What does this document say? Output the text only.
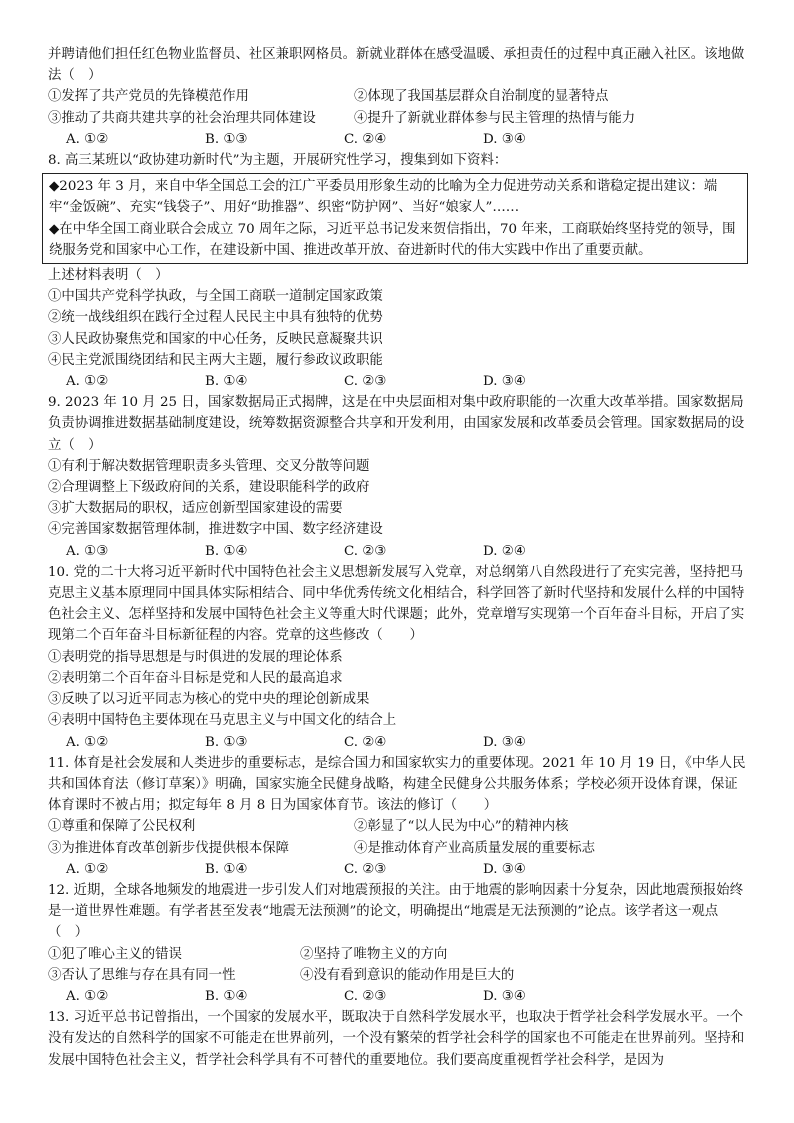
并聘请他们担任红色物业监督员、社区兼职网格员。新就业群体在感受温暖、承担责任的过程中真正融入社区。该地做法（　）

①发挥了共产党员的先锋模范作用	②体现了我国基层群众自治制度的显著特点
③推动了共商共建共享的社会治理共同体建设	④提升了新就业群体参与民主管理的热情与能力
A. ①②	B. ①③	C. ②④	D. ③④

8. 高三某班以“政协建功新时代”为主题，开展研究性学习，搜集到如下资料：

◆2023 年 3 月，来自中华全国总工会的江广平委员用形象生动的比喻为全力促进劳动关系和谐稳定提出建议：端牢“金饭碗”、充实“钱袋子”、用好“助推器”、织密“防护网”、当好“娘家人”……

◆在中华全国工商业联合会成立 70 周年之际，习近平总书记发来贺信指出，70 年来，工商联始终坚持党的领导，围绕服务党和国家中心工作，在建设新中国、推进改革开放、奋进新时代的伟大实践中作出了重要贡献。

上述材料表明（　）

①中国共产党科学执政，与全国工商联一道制定国家政策

②统一战线组织在践行全过程人民民主中具有独特的优势

③人民政协聚焦党和国家的中心任务，反映民意凝聚共识

④民主党派围绕团结和民主两大主题，履行参政议政职能

A. ①②	B. ①④	C. ②③	D. ③④

9. 2023 年 10 月 25 日，国家数据局正式揭牌，这是在中央层面相对集中政府职能的一次重大改革举措。国家数据局负责协调推进数据基础制度建设，统筹数据资源整合共享和开发利用，由国家发展和改革委员会管理。国家数据局的设立（　）

①有利于解决数据管理职责多头管理、交叉分散等问题

②合理调整上下级政府间的关系，建设职能科学的政府

③扩大数据局的职权，适应创新型国家建设的需要

④完善国家数据管理体制，推进数字中国、数字经济建设

A. ①③	B. ①④	C. ②③	D. ②④

10. 党的二十大将习近平新时代中国特色社会主义思想新发展写入党章，对总纲第八自然段进行了充实完善，坚持把马克思主义基本原理同中国具体实际相结合、同中华优秀传统文化相结合，科学回答了新时代坚持和发展什么样的中国特色社会主义、怎样坚持和发展中国特色社会主义等重大时代课题；此外，党章增写实现第一个百年奋斗目标，开启了实现第二个百年奋斗目标新征程的内容。党章的这些修改（　　）

①表明党的指导思想是与时俱进的发展的理论体系

②表明第二个百年奋斗目标是党和人民的最高追求

③反映了以习近平同志为核心的党中央的理论创新成果

④表明中国特色主要体现在马克思主义与中国文化的结合上

A. ①②	B. ①③	C. ②④	D. ③④

11. 体育是社会发展和人类进步的重要标志，是综合国力和国家软实力的重要体现。2021 年 10 月 19 日，《中华人民共和国体育法（修订草案）》明确，国家实施全民健身战略，构建全民健身公共服务体系；学校必须开设体育课，保证体育课时不被占用；拟定每年 8 月 8 日为国家体育节。该法的修订（　　）

①尊重和保障了公民权利	②彰显了“以人民为中心”的精神内核
③为推进体育改革创新步伐提供根本保障	④是推动体育产业高质量发展的重要标志
A. ①②	B. ①④	C. ②③	D. ③④

12. 近期，全球各地频发的地震进一步引发人们对地震预报的关注。由于地震的影响因素十分复杂，因此地震预报始终是一道世界性难题。有学者甚至发表“地震无法预测”的论文，明确提出“地震是无法预测的”论点。该学者这一观点（　）

①犯了唯心主义的错误	②坚持了唯物主义的方向
③否认了思维与存在具有同一性	④没有看到意识的能动作用是巨大的
A. ①②	B. ①④	C. ②③	D. ③④

13. 习近平总书记曾指出，一个国家的发展水平，既取决于自然科学发展水平，也取决于哲学社会科学发展水平。一个没有发达的自然科学的国家不可能走在世界前列，一个没有繁荣的哲学社会科学的国家也不可能走在世界前列。坚持和发展中国特色社会主义，哲学社会科学具有不可替代的重要地位。我们要高度重视哲学社会科学，是因为
